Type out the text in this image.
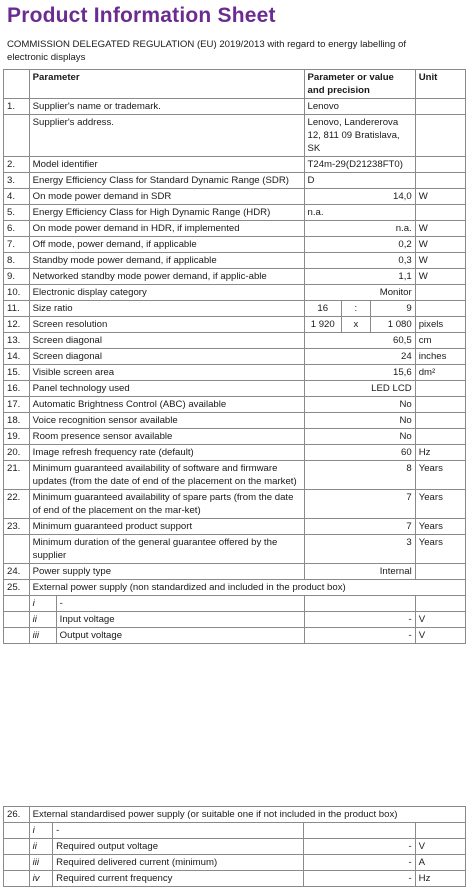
Product Information Sheet
COMMISSION DELEGATED REGULATION (EU) 2019/2013 with regard to energy labelling of electronic displays
	Parameter	Parameter or value and precision			Unit
1.	Supplier's name or trademark.	Lenovo			
	Supplier's address.	Lenovo, Landererova 12, 811 09 Bratislava, SK			
2.	Model identifier	T24m-29(D21238FT0)			
3.	Energy Efficiency Class for Standard Dynamic Range (SDR)	D			
4.	On mode power demand in SDR	14,0			W
5.	Energy Efficiency Class for High Dynamic Range (HDR)	n.a.			
6.	On mode power demand in HDR, if implemented	n.a.			W
7.	Off mode, power demand, if applicable	0,2			W
8.	Standby mode power demand, if applicable	0,3			W
9.	Networked standby mode power demand, if applic-able	1,1			W
10.	Electronic display category	Monitor			
11.	Size ratio	16	:	9	
12.	Screen resolution	1 920	x	1 080	pixels
13.	Screen diagonal	60,5			cm
14.	Screen diagonal	24			inches
15.	Visible screen area	15,6			dm²
16.	Panel technology used	LED LCD			
17.	Automatic Brightness Control (ABC) available	No			
18.	Voice recognition sensor available	No			
19.	Room presence sensor available	No			
20.	Image refresh frequency rate (default)	60			Hz
21.	Minimum guaranteed availability of software and firmware updates (from the date of end of the placement on the market)	8			Years
22.	Minimum guaranteed availability of spare parts (from the date of end of the placement on the mar-ket)	7			Years
23.	Minimum guaranteed product support	7			Years
	Minimum duration of the general guarantee offered by the supplier	3			Years
24.	Power supply type	Internal			
25.	External power supply (non standardized and included in the product box)				

	i -				

	ii Input voltage	-			V

	iii Output voltage	-			V
26.	External standardised power supply (or suitable one if not included in the product box)			
	i	-		
	ii	Required output voltage	-	V
	iii	Required delivered current (minimum)	-	A
	iv	Required current frequency	-	Hz
